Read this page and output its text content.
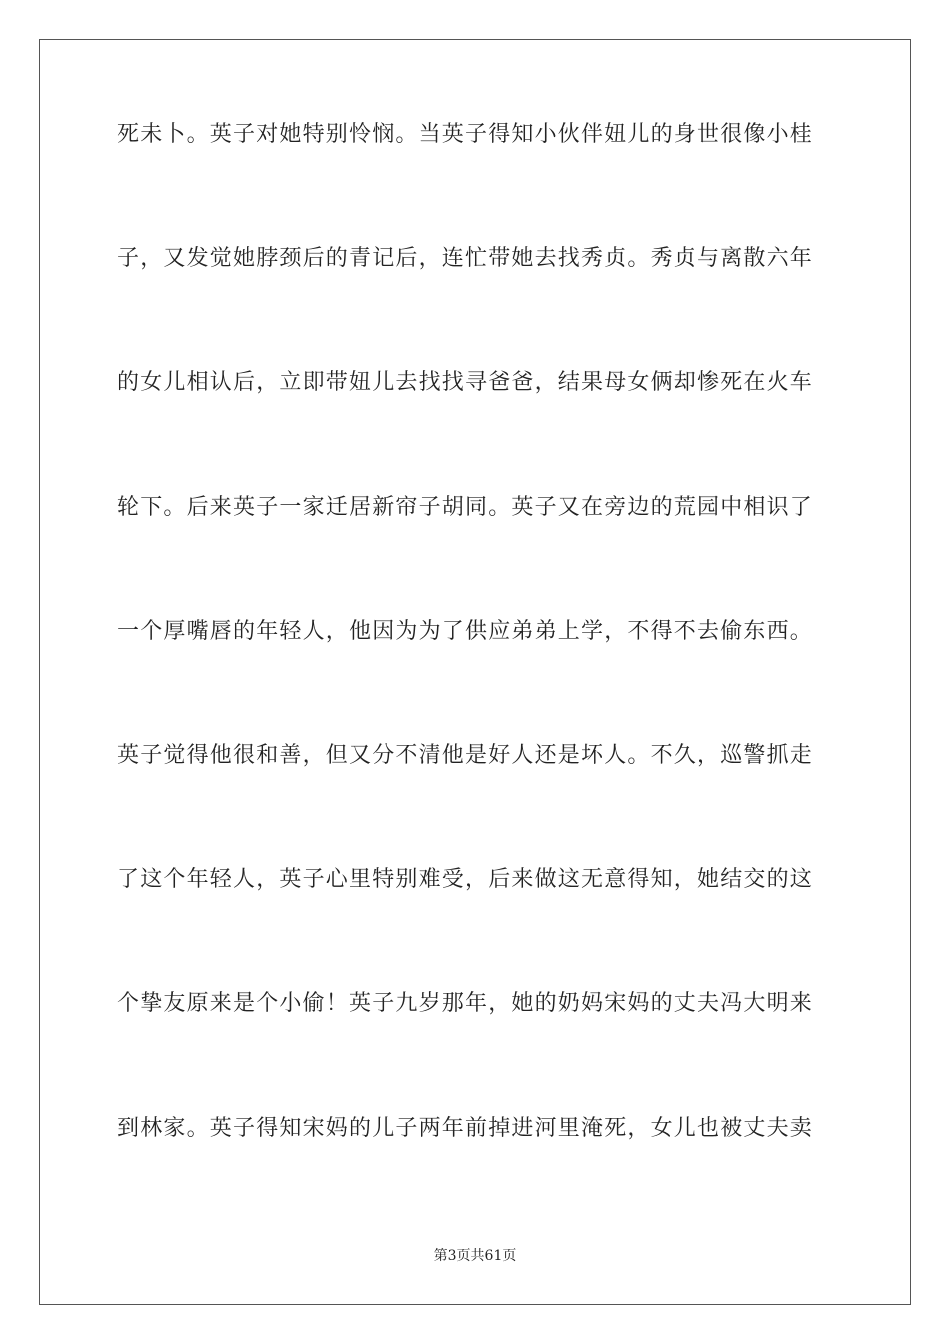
死未卜。英子对她特别怜悯。当英子得知小伙伴妞儿的身世很像小桂
子，又发觉她脖颈后的青记后，连忙带她去找秀贞。秀贞与离散六年
的女儿相认后，立即带妞儿去找找寻爸爸，结果母女俩却惨死在火车
轮下。后来英子一家迁居新帘子胡同。英子又在旁边的荒园中相识了
一个厚嘴唇的年轻人，他因为为了供应弟弟上学，不得不去偷东西。
英子觉得他很和善，但又分不清他是好人还是坏人。不久，巡警抓走
了这个年轻人，英子心里特别难受，后来做这无意得知，她结交的这
个挚友原来是个小偷！英子九岁那年，她的奶妈宋妈的丈夫冯大明来
到林家。英子得知宋妈的儿子两年前掉进河里淹死，女儿也被丈夫卖
第3页共61页
